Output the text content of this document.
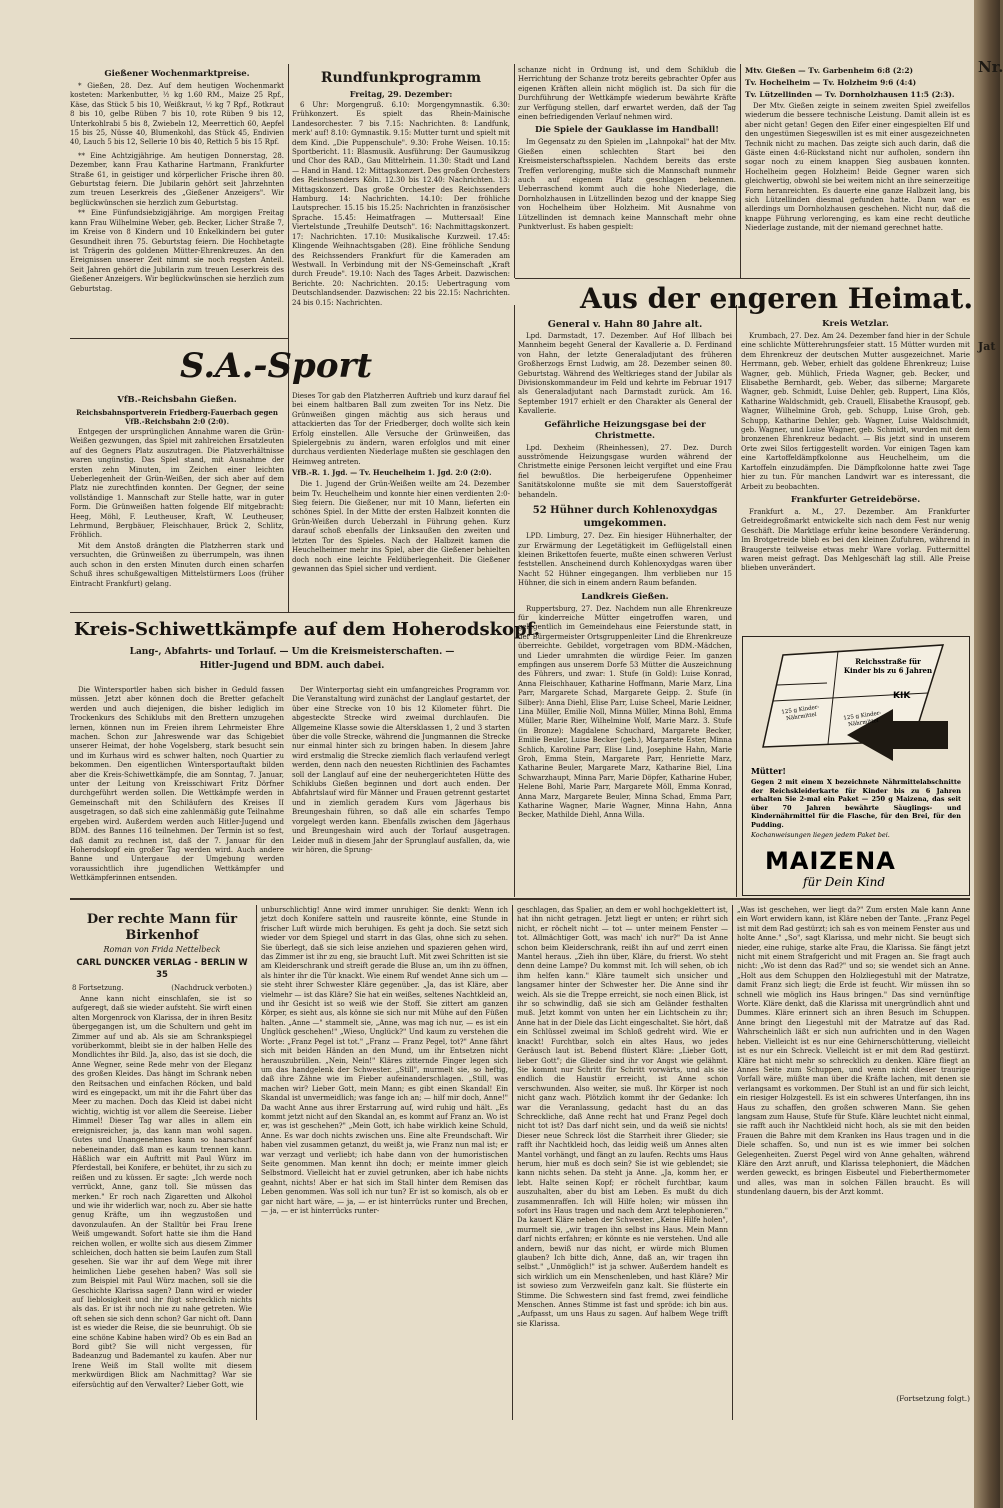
Nr.
Jat
Gießener Wochenmarktpreise.

* Gießen, 28. Dez. Auf dem heutigen Wochenmarkt kosteten: Markenbutter, ½ kg 1.60 RM., Maize 25 Rpf., Käse, das Stück 5 bis 10, Weißkraut, ½ kg 7 Rpf., Rotkraut 8 bis 10, gelbe Rüben 7 bis 10, rote Rüben 9 bis 12, Unterkohlrabi 5 bis 8, Zwiebeln 12, Meerrettich 60, Aepfel 15 bis 25, Nüsse 40, Blumenkohl, das Stück 45, Endivien 40, Lauch 5 bis 12, Sellerie 10 bis 40, Rettich 5 bis 15 Rpf.

** Eine Achtzigjährige. Am heutigen Donnerstag, 28. Dezember, kann Frau Katharine Hartmann, Frankfurter Straße 61, in geistiger und körperlicher Frische ihren 80. Geburtstag feiern. Die Jubilarin gehört seit Jahrzehnten zum treuen Leserkreis des „Gießener Anzeigers". Wir beglückwünschen sie herzlich zum Geburtstag.

** Eine Fünfundsiebzigjährige. Am morgigen Freitag kann Frau Wilhelmine Weber, geb. Becker, Licher Straße 7, im Kreise von 8 Kindern und 10 Enkelkindern bei guter Gesundheit ihren 75. Geburtstag feiern. Die Hochbetagte ist Trägerin des goldenen Mütter-Ehrenkreuzes. An den Ereignissen unserer Zeit nimmt sie noch regsten Anteil. Seit Jahren gehört die Jubilarin zum treuen Leserkreis des Gießener Anzeigers. Wir beglückwünschen sie herzlich zum Geburtstag.

Rundfunkprogramm
Freitag, 29. Dezember:

6 Uhr: Morgengruß. 6.10: Morgengymnastik. 6.30: Frühkonzert. Es spielt das Rhein-Mainische Landesorchester. 7 bis 7.15: Nachrichten. 8: Landfunk, merk' auf! 8.10: Gymnastik. 9.15: Mutter turnt und spielt mit dem Kind. „Die Puppenschule". 9.30: Frohe Weisen. 10.15: Sportbericht. 11: Blasmusik. Ausführung: Der Gaumusikzug und Chor des RAD., Gau Mittelrhein. 11.30: Stadt und Land — Hand in Hand. 12: Mittagskonzert. Des großen Orchesters des Reichssenders Köln. 12.30 bis 12.40: Nachrichten. 13: Mittagskonzert. Das große Orchester des Reichssenders Hamburg. 14: Nachrichten. 14.10: Der fröhliche Lautsprecher. 15.15 bis 15.25: Nachrichten in französischer Sprache. 15.45: Heimatfragen — Muttersaal! Eine Viertelstunde „Treuhilfe Deutsch". 16: Nachmittagskonzert. 17: Nachrichten. 17.10: Musikalische Kurzweil. 17.45: Klingende Weihnachtsgaben (28). Eine fröhliche Sendung des Reichssenders Frankfurt für die Kameraden am Westwall. In Verbindung mit der NS-Gemeinschaft „Kraft durch Freude". 19.10: Nach des Tages Arbeit. Dazwischen: Berichte. 20: Nachrichten. 20.15: Uebertragung vom Deutschlandsender. Dazwischen: 22 bis 22.15: Nachrichten. 24 bis 0.15: Nachrichten.

schanze nicht in Ordnung ist, und dem Schiklub die Herrichtung der Schanze trotz bereits gebrachter Opfer aus eigenen Kräften allein nicht möglich ist. Da sich für die Durchführung der Wettkämpfe wiederum bewährte Kräfte zur Verfügung stellen, darf erwartet werden, daß der Tag einen befriedigenden Verlauf nehmen wird.

Die Spiele der Gauklasse im Handball!

Im Gegensatz zu den Spielen im „Lahnpokal" hat der Mtv. Gießen einen schlechten Start bei den Kreismeisterschaftsspielen. Nachdem bereits das erste Treffen verlorenging, mußte sich die Mannschaft nunmehr auch auf eigenem Platz geschlagen bekennen. Ueberraschend kommt auch die hohe Niederlage, die Dornholzhausen in Lützellinden bezog und der knappe Sieg von Hochelheim über Holzheim. Mit Ausnahme von Lützellinden ist demnach keine Mannschaft mehr ohne Punktverlust. Es haben gespielt:

Mtv. Gießen — Tv. Garbenheim 6:8 (2:2)
Tv. Hochelheim — Tv. Holzheim 9:6 (4:4)
Tv. Lützellinden — Tv. Dornholzhausen 11:5 (2:3).

Der Mtv. Gießen zeigte in seinem zweiten Spiel zweifellos wiederum die bessere technische Leistung. Damit allein ist es aber nicht getan! Gegen den Eifer einer eingespielten Elf und den ungestümen Siegeswillen ist es mit einer ausgezeichneten Technik nicht zu machen. Das zeigte sich auch darin, daß die Gäste einen 4:6-Rückstand nicht nur aufholen, sondern ihn sogar noch zu einem knappen Sieg ausbauen konnten. Hochelheim gegen Holzheim! Beide Gegner waren sich gleichwertig, obwohl sie bei weitem nicht an ihre seinerzeitige Form heranreichten. Es dauerte eine ganze Halbzeit lang, bis sich Lützellinden diesmal gefunden hatte. Dann war es allerdings um Dornholzhausen geschehen. Nicht nur, daß die knappe Führung verlorenging, es kam eine recht deutliche Niederlage zustande, mit der niemand gerechnet hatte.

S.A.-Sport
VfB.-Reichsbahn Gießen.
Reichsbahnsportverein Friedberg-Fauerbach gegen VfB.-Reichsbahn 2:0 (2:0).

Entgegen der ursprünglichen Annahme waren die Grün-Weißen gezwungen, das Spiel mit zahlreichen Ersatzleuten auf des Gegners Platz auszutragen. Die Platzverhältnisse waren ungünstig. Das Spiel stand, mit Ausnahme der ersten zehn Minuten, im Zeichen einer leichten Ueberlegenheit der Grün-Weißen, der sich aber auf dem Platz nie zurechtfinden konnten. Der Gegner, der seine vollständige 1. Mannschaft zur Stelle hatte, war in guter Form. Die Grünweißen hatten folgende Elf mitgebracht: Heeg, Möhl, F. Leutheuser, Kraft, W. Leutheuser, Lehrmund, Bergbäuer, Fleischhauer, Brück 2, Schlitz, Fröhlich.

Mit dem Anstoß drängten die Platzherren stark und versuchten, die Grünweißen zu überrumpeln, was ihnen auch schon in den ersten Minuten durch einen scharfen Schuß ihres schußgewaltigen Mittelstürmers Loos (früher Eintracht Frankfurt) gelang.

Dieses Tor gab den Platzherren Auftrieb und kurz darauf fiel bei einem haltbaren Ball zum zweiten Tor ins Netz. Die Grünweißen gingen mächtig aus sich heraus und attackierten das Tor der Friedberger, doch wollte sich kein Erfolg einstellen. Alle Versuche der Grünweißen, das Spielergebnis zu ändern, waren erfolglos und mit einer durchaus verdienten Niederlage mußten sie geschlagen den Heimweg antreten.

VfB.-R. 1. Jgd. — Tv. Heuchelheim 1. Jgd. 2:0 (2:0).

Die 1. Jugend der Grün-Weißen weilte am 24. Dezember beim Tv. Heuchelheim und konnte hier einen verdienten 2:0-Sieg feiern. Die Gießener, nur mit 10 Mann, lieferten ein schönes Spiel. In der Mitte der ersten Halbzeit konnten die Grün-Weißen durch Ueberzahl in Führung gehen. Kurz darauf schoß ebenfalls der Linksaußen den zweiten und letzten Tor des Spieles. Nach der Halbzeit kamen die Heuchelheimer mehr ins Spiel, aber die Gießener behielten doch noch eine leichte Feldüberlegenheit. Die Gießener gewannen das Spiel sicher und verdient.

Kreis-Schiwettkämpfe auf dem Hoherodskopf.
Lang-, Abfahrts- und Torlauf. — Um die Kreismeisterschaften. —
Hitler-Jugend und BDM. auch dabei.

Die Wintersportler haben sich bisher in Geduld fassen müssen. Jetzt aber können doch die Bretter gefachelt werden und auch diejenigen, die bisher lediglich im Trockenkurs des Schiklubs mit den Brettern umzugehen lernen, können nun im Freien ihrem Lehrmeister Ehre machen. Schon zur Jahreswende war das Schigebiet unserer Heimat, der hohe Vogelsberg, stark besucht sein und im Kurhaus wird es schwer halten, noch Quartier zu bekommen. Den eigentlichen Wintersportauftakt bilden aber die Kreis-Schiwettkämpfe, die am Sonntag, 7. Januar, unter der Leitung von Kreisschiwart Fritz Dörfner durchgeführt werden sollen. Die Wettkämpfe werden in Gemeinschaft mit den Schiläufern des Kreises II ausgetragen, so daß sich eine zahlenmäßig gute Teilnahme ergeben wird. Außerdem werden auch Hitler-Jugend und BDM. des Bannes 116 teilnehmen. Der Termin ist so fest, daß damit zu rechnen ist, daß der 7. Januar für den Hoherodskopf ein großer Tag werden wird. Auch andere Banne und Untergaue der Umgebung werden voraussichtlich ihre jugendlichen Wettkämpfer und Wettkämpferinnen entsenden.

Der Winterportag sieht ein umfangreiches Programm vor. Die Veranstaltung wird zunächst der Langlauf gestartet, der über eine Strecke von 10 bis 12 Kilometer führt. Die abgesteckte Strecke wird zweimal durchlaufen. Die Allgemeine Klasse sowie die Altersklassen 1, 2 und 3 starten über die volle Strecke, während die Jungmannen die Strecke nur einmal hinter sich zu bringen haben. In diesem Jahre wird erstmalig die Strecke ziemlich flach verlaufend verlegt werden, denn nach den neuesten Richtlinien des Fachamtes soll der Langlauf auf eine der neuhergerichteten Hütte des Schiklubs Gießen beginnen und dort auch enden. Der Abfahrtslauf wird für Männer und Frauen getrennt gestartet und in ziemlich geradem Kurs vom Jägerhaus bis Breungeshain führen, so daß alle ein scharfes Tempo vorgelegt werden kann. Ebenfalls zwischen dem Jägerhaus und Breungeshain wird auch der Torlauf ausgetragen. Leider muß in diesem Jahr der Sprunglauf ausfallen, da, wie wir hören, die Sprung-

Aus der engeren Heimat.
General v. Hahn 80 Jahre alt.

Lpd. Darmstadt, 17. Dezember. Auf Hof Illbach bei Mannheim begeht General der Kavallerie a. D. Ferdinand von Hahn, der letzte Generaladjutant des früheren Großherzogs Ernst Ludwig, am 28. Dezember seinen 80. Geburtstag. Während des Weltkrieges stand der Jubilar als Divisionskommandeur im Feld und kehrte im Februar 1917 als Generaladjutant nach Darmstadt zurück. Am 16. September 1917 erhielt er den Charakter als General der Kavallerie.

Gefährliche Heizungsgase bei der Christmette.

Lpd. Dexheim (Rheinhessen), 27. Dez. Durch ausströmende Heizungsgase wurden während der Christmette einige Personen leicht vergiftet und eine Frau fiel bewußtlos. Die herbeigerufene Oppenheimer Sanitätskolonne mußte sie mit dem Sauerstoffgerät behandeln.

52 Hühner durch Kohlenoxydgas umgekommen.

LPD. Limburg, 27. Dez. Ein hiesiger Hühnerhalter, der zur Erwärmung der Legetätigkeit im Geflügelstall einen kleinen Brikettofen feuerte, mußte einen schweren Verlust feststellen. Anscheinend durch Kohlenoxydgas waren über Nacht 52 Hühner eingegangen. Ihm verblieben nur 15 Hühner, die sich in einem andern Raum befanden.

Landkreis Gießen.

Ruppertsburg, 27. Dez. Nachdem nun alle Ehrenkreuze für kinderreiche Mütter eingetroffen waren, und gelegentlich im Gemeindehaus eine Feierstunde statt, in der Bürgermeister Ortsgruppenleiter Lind die Ehrenkreuze überreichte. Gebildet, vorgetragen vom BDM.-Mädchen, und Lieder umrahmten die würdige Feier. Im ganzen empfingen aus unserem Dorfe 53 Mütter die Auszeichnung des Führers, und zwar: 1. Stufe (in Gold): Luise Konrad, Anna Fleischhauer, Katharine Hoffmann, Marie Marz, Lina Parr, Margarete Schad, Margarete Geipp. 2. Stufe (in Silber): Anna Diehl, Elise Parr, Luise Scheel, Marie Leidner, Lina Müller, Emilie Noll, Minna Müller, Minna Bohl, Emma Müller, Marie Rier, Wilhelmine Wolf, Marie Marz. 3. Stufe (in Bronze): Magdalene Schuchard, Margarete Becker, Emilie Beuler, Luise Becker (geb.), Margarete Ester, Minna Schlich, Karoline Parr, Elise Lind, Josephine Hahn, Marie Groh, Emma Stein, Margarete Parr, Henriette Marz, Katharine Beuler, Margarete Marz, Katharine Biel, Lina Schwarzhaupt, Minna Parr, Marie Döpfer, Katharine Huber, Helene Bohl, Marie Parr, Margarete Möll, Emma Konrad, Anna Marz, Margarete Beuler, Minna Schad, Emma Parr, Katharine Wagner, Marie Wagner, Minna Hahn, Anna Becker, Mathilde Diehl, Anna Willa.

Kreis Wetzlar.

Krumbach, 27. Dez. Am 24. Dezember fand hier in der Schule eine schlichte Mütterehrungsfeier statt. 15 Mütter wurden mit dem Ehrenkreuz der deutschen Mutter ausgezeichnet. Marie Herrmann, geb. Weber, erhielt das goldene Ehrenkreuz; Luise Wagner, geb. Mühlich, Frieda Wagner, geb. Becker, und Elisabethe Bernhardt, geb. Weber, das silberne; Margarete Wagner, geb. Schmidt, Luise Dehler, geb. Ruppert, Lina Klös, Katharine Waldschmidt, geb. Crauell, Elisabethe Krausopf, geb. Wagner, Wilhelmine Groh, geb. Schupp, Luise Groh, geb. Schupp, Katharine Dehler, geb. Wagner, Luise Waldschmidt, geb. Wagner, und Luise Wagner, geb. Schmidt, wurden mit dem bronzenen Ehrenkreuz bedacht. — Bis jetzt sind in unserem Orte zwei Silos fertiggestellt worden. Vor einigen Tagen kam eine Kartoffeldämpfkolonne aus Heuchelheim, um die Kartoffeln einzudämpfen. Die Dämpfkolonne hatte zwei Tage hier zu tun. Für manchen Landwirt war es interessant, die Arbeit zu beobachten.

Frankfurter Getreidebörse.

Frankfurt a. M., 27. Dezember. Am Frankfurter Getreidegroßmarkt entwickelte sich nach dem Fest nur wenig Geschäft. Die Marktlage erfuhr keine besondere Veränderung. Im Brotgetreide blieb es bei den kleinen Zufuhren, während in Braugerste teilweise etwas mehr Ware vorlag. Futtermittel waren meist gefragt. Das Mehlgeschäft lag still. Alle Preise blieben unverändert.

Reichsstraße für Kinder bis zu 6 Jahren
KIK
125 g Kinder-Nährmittel	125 g Kinder-Nährmittel
Mütter!

Gegen 2 mit einem X bezeichnete Nährmittelabschnitte der Reichskleiderkarte für Kinder bis zu 6 Jahren erhalten Sie 2-mal ein Paket — 250 g Maizena, das seit über 70 Jahren bewährte Säuglings- und Kindernährmittel für die Flasche, für den Brei, für den Pudding.

Kochanweisungen liegen jedem Paket bei.
MAIZENA
für Dein Kind
Der rechte Mann für Birkenhof
Roman von Frida Nettelbeck
CARL DUNCKER VERLAG - BERLIN W 35
8 Fortsetzung.	(Nachdruck verboten.)

Anne kann nicht einschlafen, sie ist so aufgeregt, daß sie wieder aufsteht. Sie wirft einen alten Morgenrock von Klarissa, der in ihren Besitz übergegangen ist, um die Schultern und geht im Zimmer auf und ab. Als sie am Schrankspiegel vorüberkommt, bleibt sie in der halben Helle des Mondlichtes ihr Bild. Ja, also, das ist sie doch, die Anne Wegner, seine Rede mehr von der Eleganz des großen Kleides. Das hängt im Schrank neben den Reitsachen und einfachen Röcken, und bald wird es eingepackt, um mit ihr die Fahrt über das Meer zu machen. Doch das Kleid ist dabei nicht wichtig, wichtig ist vor allem die Seereise. Lieber Himmel! Dieser Tag war alles in allem ein ereignisreicher, ja, das kann man wohl sagen. Gutes und Unangenehmes kann so haarscharf nebeneinander, daß man es kaum trennen kann. Häßlich war ein Auftritt mit Paul Würz im Pferdestall, bei Konifere, er behütet, ihr zu sich zu reißen und zu küssen. Er sagte: „Ich werde noch verrückt, Anne, ganz toll. Sie müssen das merken." Er roch nach Zigaretten und Alkohol und wie ihr widerlich war, noch zu. Aber sie hatte genug Kräfte, um ihn wegzustoßen und davonzulaufen. An der Stalltür bei Frau Irene Weiß umgewandt. Sofort hatte sie ihm die Hand reichen wollen, er wollte sich aus diesem Zimmer schleichen, doch hatten sie beim Laufen zum Stall gesehen. Sie war ihr auf dem Wege mit ihrer heimlichen Liebe gesehen haben? Was soll sie zum Beispiel mit Paul Würz machen, soll sie die Geschichte Klarissa sagen? Dann wird er wieder auf lieblosigkeit und ihr fügt schrecklich nichts als das. Er ist ihr noch nie zu nahe getreten. Wie oft sehen sie sich denn schon? Gar nicht oft. Dann ist es wieder die Reise, die sie beunruhigt. Ob sie eine schöne Kabine haben wird? Ob es ein Bad an Bord gibt? Sie will nicht vergessen, für Badeanzug und Bademantel zu kaufen. Aber nur Irene Weiß im Stall wollte mit diesem merkwürdigen Blick am Nachmittag? War sie eifersüchtig auf den Verwalter? Lieber Gott, wie

unburschlichtig! Anne wird immer unruhiger. Sie denkt: Wenn ich jetzt doch Konifere satteln und rausreite könnte, eine Stunde in frischer Luft würde mich beruhigen. Es geht ja doch. Sie setzt sich wieder vor dem Spiegel und starrt in das Glas, ohne sich zu sehen. Sie überlegt, daß sie sich leise anziehen und spazieren gehen wird, das Zimmer ist ihr zu eng, sie braucht Luft. Mit zwei Schritten ist sie am Kleiderschrank und streift gerade die Bluse an, um ihn zu öffnen, als hinter ihr die Tür knackt. Wie einem Ruf wendet Anne sich um — sie steht ihrer Schwester Kläre gegenüber. „Ja, das ist Kläre, aber vielmehr — ist das Kläre? Sie hat ein weißes, seltenes Nachtkleid an, und ihr Gesicht ist so weiß wie der Stoff. Sie zittert am ganzen Körper, es sieht aus, als könne sie sich nur mit Mühe auf den Füßen halten. „Anne —" stammelt sie, „Anne, was mag ich nur, — es ist ein Unglück geschehen!" „Wieso, Unglück?" Und kaum zu verstehen die Worte: „Franz Pegel ist tot." „Franz — Franz Pegel, tot?" Anne fährt sich mit beiden Händen an den Mund, um ihr Entsetzen nicht herauszubrüllen. „Nein, Nein!" Kläres zitternde Finger legen sich um das handgelenk der Schwester. „Still", murmelt sie, so heftig, daß ihre Zähne wie im Fieber aufeinanderschlagen. „Still, was machen wir? Lieber Gott, mein Mann; es gibt einen Skandal! Ein Skandal ist unvermeidlich; was fange ich an; — hilf mir doch, Anne!" Da wacht Anne aus ihrer Erstarrung auf, wird ruhig und hält. „Es kommt jetzt nicht auf den Skandal an, es kommt auf Franz an. Wo ist er, was ist geschehen?" „Mein Gott, ich habe wirklich keine Schuld, Anne. Es war doch nichts zwischen uns. Eine alte Freundschaft. Wir haben viel zusammen getanzt, du weißt ja, wie Franz nun mal ist; er war verzagt und verliebt; ich habe dann von der humoristischen Seite genommen. Man kennt ihn doch; er meinte immer gleich Selbstmord. Vielleicht hat er zuviel getrunken, aber ich habe nichts geahnt, nichts! Aber er hat sich im Stall hinter dem Remisen das Leben genommen. Was soll ich nur tun? Er ist so komisch, als ob er gar nicht hart wäre, — ja, — er ist hinterrücks runter und Brechen, — ja, — er ist hinterrücks runter-

geschlagen, das Spalier, an dem er wohl hochgeklettert ist, hat ihn nicht getragen. Jetzt liegt er unten; er rührt sich nicht, er röchelt nicht — tot — unter meinem Fenster — tot. Allmächtiger Gott, was mach' ich nur?" Da ist Anne schon beim Kleiderschrank, reißt ihn auf und zerrt einen Mantel heraus. „Zieh ihn über, Kläre, du frierst. Wo steht denn deine Lampe? Du kommst mit. Ich will sehen, ob ich ihm helfen kann." Kläre taumelt sich unsicher und langsamer hinter der Schwester her. Die Anne sind ihr weich. Als sie die Treppe erreicht, sie noch einen Blick, ist ihr so schwindlig, daß sie sich am Geländer festhalten muß. Jetzt kommt von unten her ein Lichtschein zu ihr; Anne hat in der Diele das Licht eingeschaltet. Sie hört, daß ein Schlüssel zweimal im Schloß gedreht wird. Wie er knackt! Furchtbar, solch ein altes Haus, wo jedes Geräusch laut ist. Bebend flüstert Kläre: „Lieber Gott, lieber Gott"; die Glieder sind ihr vor Angst wie gelähmt. Sie kommt nur Schritt für Schritt vorwärts, und als sie endlich die Haustür erreicht, ist Anne schon verschwunden. Also weiter, sie muß. Ihr Körper ist noch nicht ganz wach. Plötzlich kommt ihr der Gedanke: Ich war die Veranlassung, gedacht hast du an das Schreckliche, daß Anne recht hat und Franz Pegel doch nicht tot ist? Das darf nicht sein, und da weiß sie nichts! Dieser neue Schreck löst die Starrheit ihrer Glieder; sie rafft ihr Nachtkleid hoch, das leidig weiß um Annes alten Mantel vorhängt, und fängt an zu laufen. Rechts ums Haus herum, hier muß es doch sein? Sie ist wie geblendet; sie kann nichts sehen. Da steht ja Anne. „Ja, komm her, er lebt. Halte seinen Kopf; er röchelt furchtbar, kaum auszuhalten, aber du bist am Leben. Es mußt du dich zusammenraffen. Ich will Hilfe holen; wir müssen ihn sofort ins Haus tragen und nach dem Arzt telephonieren." Da kauert Kläre neben der Schwester. „Keine Hilfe holen", murmelt sie, „wir tragen ihn selbst ins Haus. Mein Mann darf nichts erfahren; er könnte es nie verstehen. Und alle andern, bewiß nur das nicht, er würde mich Blumen glauben? Ich bitte dich, Anne, daß an, wir tragen ihn selbst." „Unmöglich!" ist ja schwer. Außerdem handelt es sich wirklich um ein Menschenleben, und hast Kläre? Mir ist sowieso zum Verzweifeln ganz kalt. Sie flüsterte ein Stimme. Die Schwestern sind fast fremd, zwei feindliche Menschen. Annes Stimme ist fast und spröde: ich bin aus. „Aufpasst, um uns Haus zu sagen. Auf halbem Wege trifft sie Klarissa.

„Was ist geschehen, wer liegt da?" Zum ersten Male kann Anne ein Wort erwidern kann, ist Kläre neben der Tante. „Franz Pegel ist mit dem Rad gestürzt; ich sah es von meinem Fenster aus und holte Anne." „So", sagt Klarissa, und mehr nicht. Sie beugt sich nieder, eine ruhige, starke alte Frau, die Klarissa. Sie fängt jetzt nicht mit einem Strafgericht und mit Fragen an. Sie fragt auch nicht: „Wo ist denn das Rad?" und so; sie wendet sich an Anne. „Holt aus dem Schuppen den Holzliegestuhl mit der Matratze, damit Franz sich liegt; die Erde ist feucht. Wir müssen ihn so schnell wie möglich ins Haus bringen." Das sind vernünftige Worte. Kläre denkt, daß die Klarissa mit unergründlich ahnt und Dummes. Kläre erinnert sich an ihren Besuch im Schuppen. Anne bringt den Liegestuhl mit der Matratze auf das Rad. Wahrscheinlich läßt er sich nun aufrichten und in den Wagen heben. Vielleicht ist es nur eine Gehirnerschütterung, vielleicht ist es nur ein Schreck. Vielleicht ist er mit dem Rad gestürzt. Kläre hat nicht mehr so schrecklich zu denken. Kläre fliegt an Annes Seite zum Schuppen, und wenn nicht dieser traurige Vorfall wäre, müßte man über die Kräfte lachen, mit denen sie verlangsamt es vorkommen. Der Stuhl ist an und für sich leicht, ein riesiger Holzgestell. Es ist ein schweres Unterfangen, ihn ins Haus zu schaffen, den großen schweren Mann. Sie gehen langsam zum Hause, Stufe für Stufe. Kläre leuchtet nicht einmal, sie rafft auch ihr Nachtkleid nicht hoch, als sie mit den beiden Frauen die Bahre mit dem Kranken ins Haus tragen und in die Diele schaffen. So, und nun ist es wie immer bei solchen Gelegenheiten. Zuerst Pegel wird von Anne gehalten, während Kläre den Arzt anruft, und Klarissa telephoniert, die Mädchen werden geweckt, es bringen Eisbeutel und Fieberthermometer und alles, was man in solchen Fällen braucht. Es will stundenlang dauern, bis der Arzt kommt.

(Fortsetzung folgt.)
